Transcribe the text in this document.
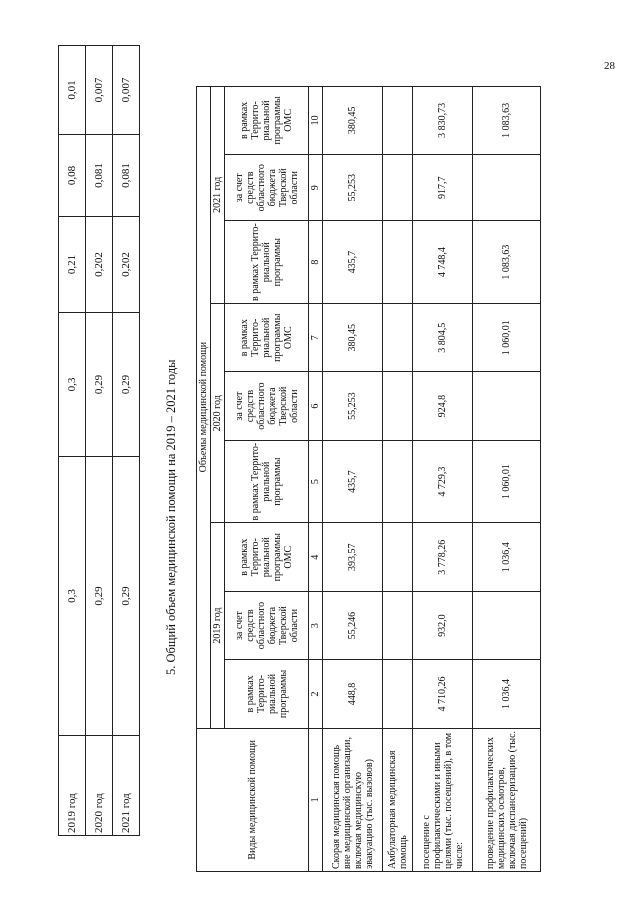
28
2019 год	0,3	0,3	0,21	0,08	0,01
2020 год	0,29	0,29	0,202	0,081	0,007
2021 год	0,29	0,29	0,202	0,081	0,007
5. Общий объем медицинской помощи на 2019 – 2021 годы
Виды медицинской помощи	Объемы медицинской помощи									
	2019 год			2020 год			2021 год			
	в рамках Террито-риальной программы	за счет средств областного бюджета Тверской области	в рамках Террито-риальной программы ОМС	в рамках Террито-риальной программы	за счет средств областного бюджета Тверской области	в рамках Террито-риальной программы ОМС	в рамках Террито-риальной программы	за счет средств областного бюджета Тверской области	в рамках Террито-риальной программы ОМС	
1	2	3	4	5	6	7	8	9	10	
Скорая медицинская помощь вне медицинской организации, включая медицинскую эвакуацию (тыс. вызовов)	448,8	55,246	393,57	435,7	55,253	380,45	435,7	55,253	380,45	
Амбулаторная медицинская помощь										
посещение с профилактическими и иными целями (тыс. посещений), в том числе:	4 710,26	932,0	3 778,26	4 729,3	924,8	3 804,5	4 748,4	917,7	3 830,73	
проведение профилактических медицинских осмотров, включая диспансеризацию (тыс. посещений)	1 036,4		1 036,4	1 060,01		1 060,01	1 083,63		1 083,63	
